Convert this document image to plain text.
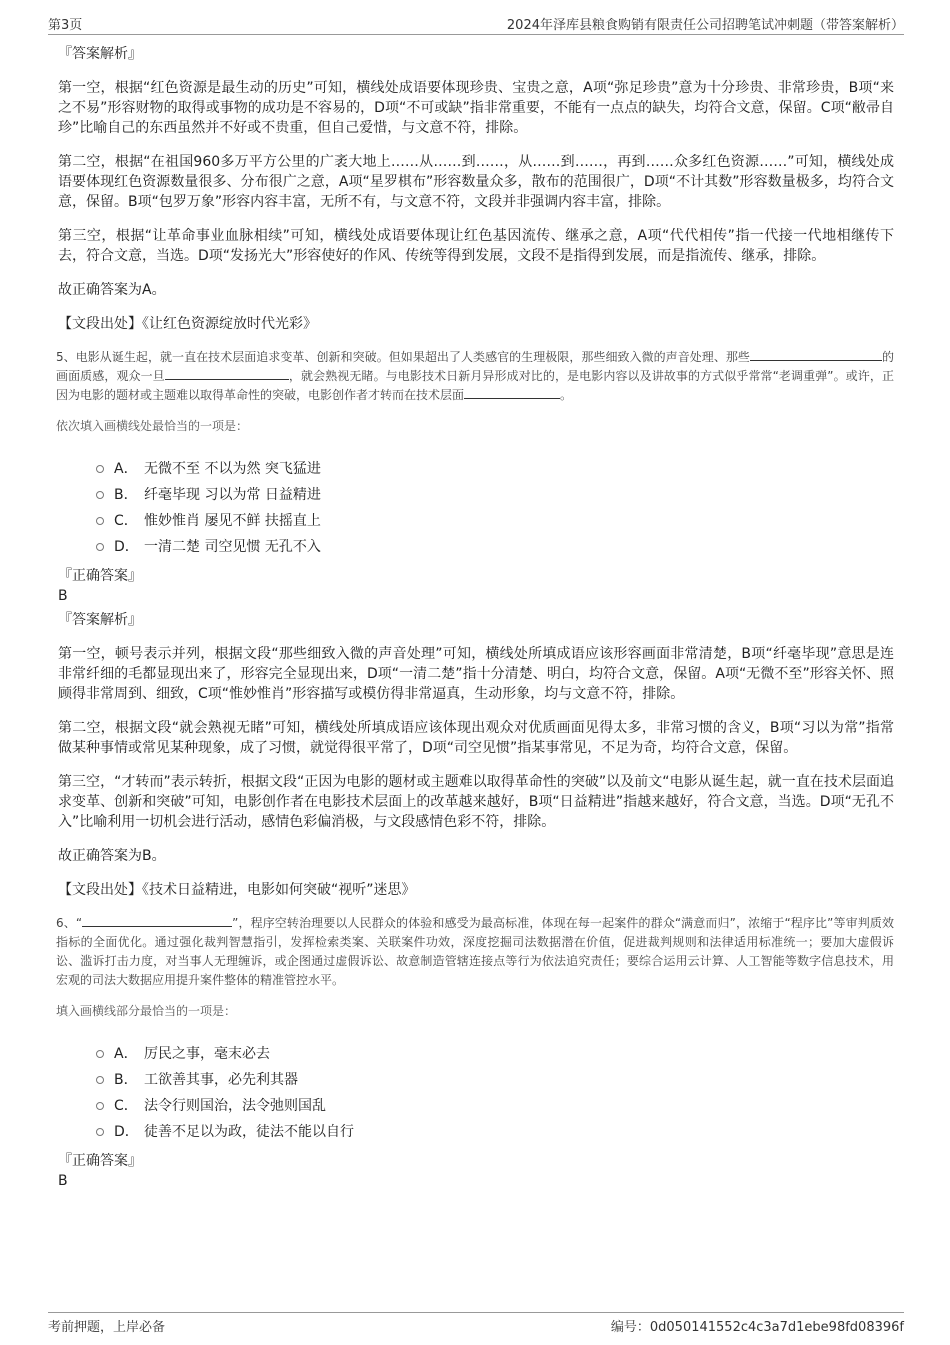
第3页	2024年泽库县粮食购销有限责任公司招聘笔试冲刺题（带答案解析）
『答案解析』
第一空，根据“红色资源是最生动的历史”可知，横线处成语要体现珍贵、宝贵之意，A项“弥足珍贵”意为十分珍贵、非常珍贵，B项“来之不易”形容财物的取得或事物的成功是不容易的，D项“不可或缺”指非常重要，不能有一点点的缺失，均符合文意，保留。C项“敝帚自珍”比喻自己的东西虽然并不好或不贵重，但自己爱惜，与文意不符，排除。
第二空，根据“在祖国960多万平方公里的广袤大地上……从……到……，从……到……，再到……众多红色资源……”可知，横线处成语要体现红色资源数量很多、分布很广之意，A项“星罗棋布”形容数量众多，散布的范围很广，D项“不计其数”形容数量极多，均符合文意，保留。B项“包罗万象”形容内容丰富，无所不有，与文意不符，文段并非强调内容丰富，排除。
第三空，根据“让革命事业血脉相续”可知，横线处成语要体现让红色基因流传、继承之意，A项“代代相传”指一代接一代地相继传下去，符合文意，当选。D项“发扬光大”形容使好的作风、传统等得到发展，文段不是指得到发展，而是指流传、继承，排除。
故正确答案为A。
【文段出处】《让红色资源绽放时代光彩》
5、电影从诞生起，就一直在技术层面追求变革、创新和突破。但如果超出了人类感官的生理极限，那些细致入微的声音处理、那些	的画面质感，观众一旦	，就会熟视无睹。与电影技术日新月异形成对比的，是电影内容以及讲故事的方式似乎常常“老调重弹”。或许，正因为电影的题材或主题难以取得革命性的突破，电影创作者才转而在技术层面	。
依次填入画横线处最恰当的一项是：
A． 无微不至 不以为然 突飞猛进
B． 纤毫毕现 习以为常 日益精进
C． 惟妙惟肖 屡见不鲜 扶摇直上
D． 一清二楚 司空见惯 无孔不入
『正确答案』
B
『答案解析』
第一空，顿号表示并列，根据文段“那些细致入微的声音处理”可知，横线处所填成语应该形容画面非常清楚，B项“纤毫毕现”意思是连非常纤细的毛都显现出来了，形容完全显现出来，D项“一清二楚”指十分清楚、明白，均符合文意，保留。A项“无微不至”形容关怀、照顾得非常周到、细致，C项“惟妙惟肖”形容描写或模仿得非常逼真，生动形象，均与文意不符，排除。
第二空，根据文段“就会熟视无睹”可知，横线处所填成语应该体现出观众对优质画面见得太多，非常习惯的含义，B项“习以为常”指常做某种事情或常见某种现象，成了习惯，就觉得很平常了，D项“司空见惯”指某事常见，不足为奇，均符合文意，保留。
第三空，“才转而”表示转折，根据文段“正因为电影的题材或主题难以取得革命性的突破”以及前文“电影从诞生起，就一直在技术层面追求变革、创新和突破”可知，电影创作者在电影技术层面上的改革越来越好，B项“日益精进”指越来越好，符合文意，当选。D项“无孔不入”比喻利用一切机会进行活动，感情色彩偏消极，与文段感情色彩不符，排除。
故正确答案为B。
【文段出处】《技术日益精进，电影如何突破“视听”迷思》
6、“	”，程序空转治理要以人民群众的体验和感受为最高标准，体现在每一起案件的群众“满意而归”，浓缩于“程序比”等审判质效指标的全面优化。通过强化裁判智慧指引，发挥检索类案、关联案件功效，深度挖掘司法数据潜在价值，促进裁判规则和法律适用标准统一；要加大虚假诉讼、滥诉打击力度，对当事人无理缠诉，或企图通过虚假诉讼、故意制造管辖连接点等行为依法追究责任；要综合运用云计算、人工智能等数字信息技术，用宏观的司法大数据应用提升案件整体的精准管控水平。
填入画横线部分最恰当的一项是：
A． 厉民之事，毫末必去
B． 工欲善其事，必先利其器
C． 法令行则国治，法令弛则国乱
D． 徒善不足以为政，徒法不能以自行
『正确答案』
B
考前押题，上岸必备	编号：0d050141552c4c3a7d1ebe98fd08396f
